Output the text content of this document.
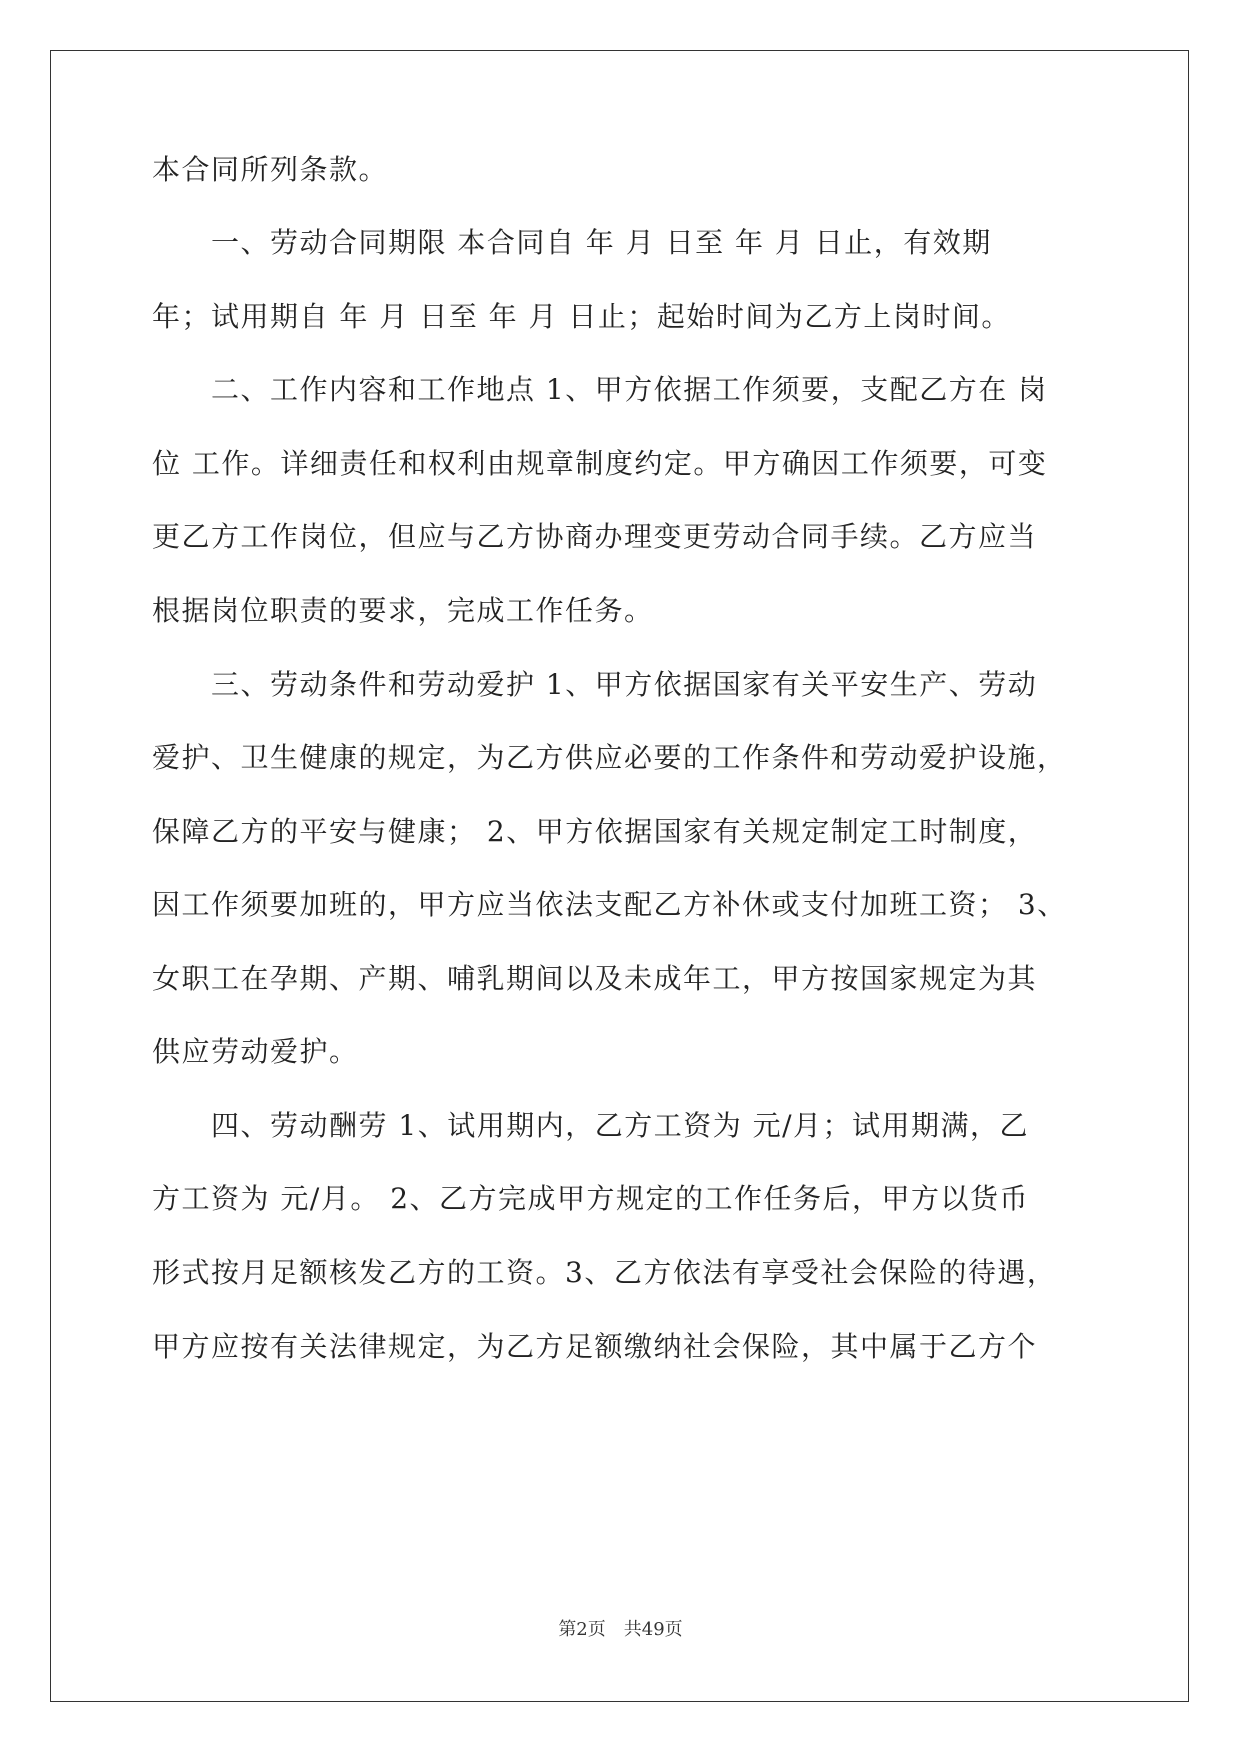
本合同所列条款。
　　一、劳动合同期限 本合同自 年 月 日至 年 月 日止，有效期
年；试用期自 年 月 日至 年 月 日止；起始时间为乙方上岗时间。
　　二、工作内容和工作地点 1、甲方依据工作须要，支配乙方在 岗
位 工作。详细责任和权利由规章制度约定。甲方确因工作须要，可变
更乙方工作岗位，但应与乙方协商办理变更劳动合同手续。乙方应当
根据岗位职责的要求，完成工作任务。
　　三、劳动条件和劳动爱护 1、甲方依据国家有关平安生产、劳动
爱护、卫生健康的规定，为乙方供应必要的工作条件和劳动爱护设施，
保障乙方的平安与健康； 2、甲方依据国家有关规定制定工时制度，
因工作须要加班的，甲方应当依法支配乙方补休或支付加班工资； 3、
女职工在孕期、产期、哺乳期间以及未成年工，甲方按国家规定为其
供应劳动爱护。
　　四、劳动酬劳 1、试用期内，乙方工资为 元/月；试用期满，乙
方工资为 元/月。 2、乙方完成甲方规定的工作任务后，甲方以货币
形式按月足额核发乙方的工资。3、乙方依法有享受社会保险的待遇，
甲方应按有关法律规定，为乙方足额缴纳社会保险，其中属于乙方个
第2页　共49页
